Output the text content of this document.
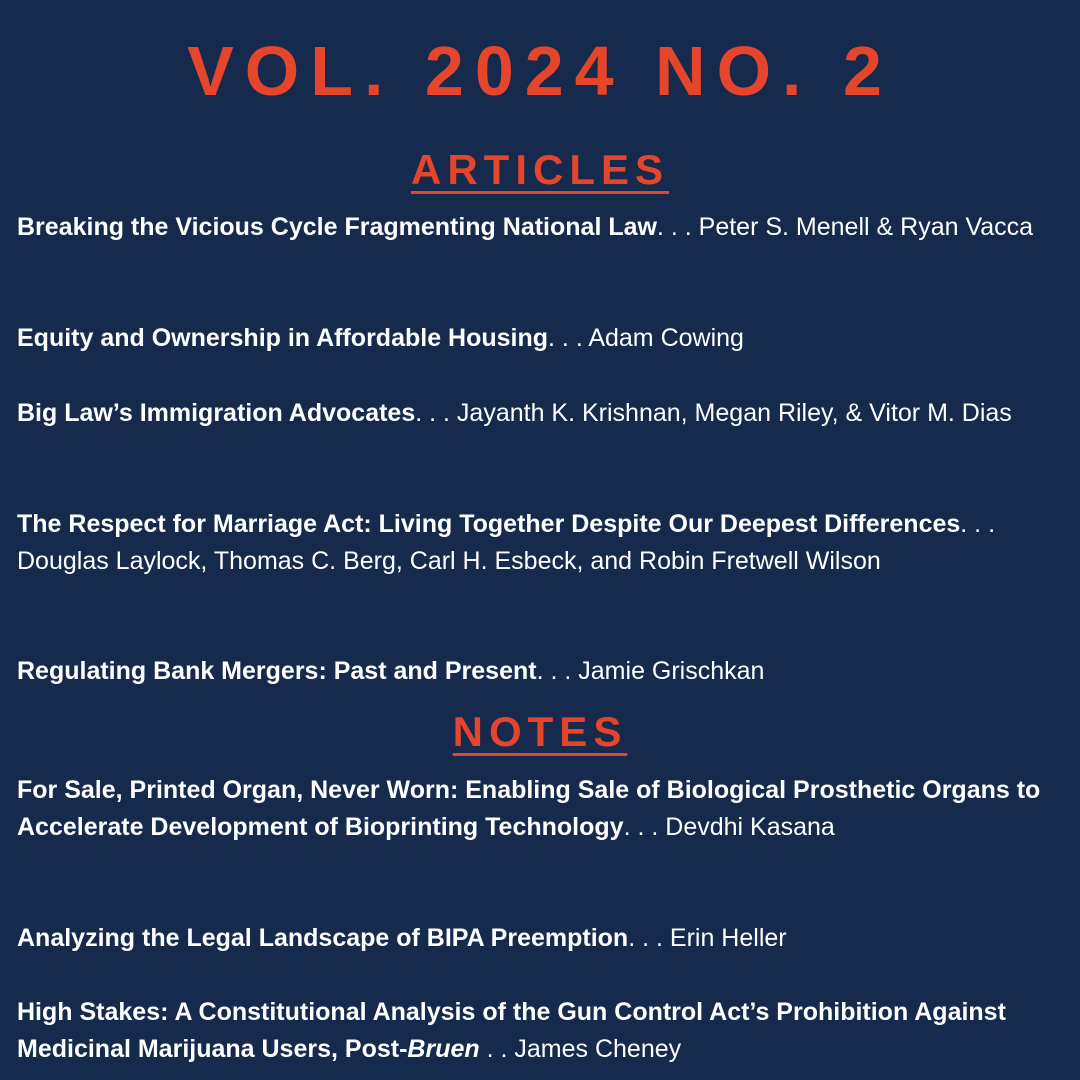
VOL. 2024 NO. 2
ARTICLES

Breaking the Vicious Cycle Fragmenting National Law. . . Peter S. Menell & Ryan Vacca

Equity and Ownership in Affordable Housing. . . Adam Cowing

Big Law’s Immigration Advocates. . . Jayanth K. Krishnan, Megan Riley, & Vitor M. Dias

The Respect for Marriage Act: Living Together Despite Our Deepest Differences. . . Douglas Laylock, Thomas C. Berg, Carl H. Esbeck, and Robin Fretwell Wilson

Regulating Bank Mergers: Past and Present. . . Jamie Grischkan

NOTES

For Sale, Printed Organ, Never Worn: Enabling Sale of Biological Prosthetic Organs to Accelerate Development of Bioprinting Technology. . . Devdhi Kasana

Analyzing the Legal Landscape of BIPA Preemption. . . Erin Heller

High Stakes: A Constitutional Analysis of the Gun Control Act’s Prohibition Against Medicinal Marijuana Users, Post-Bruen . . James Cheney
